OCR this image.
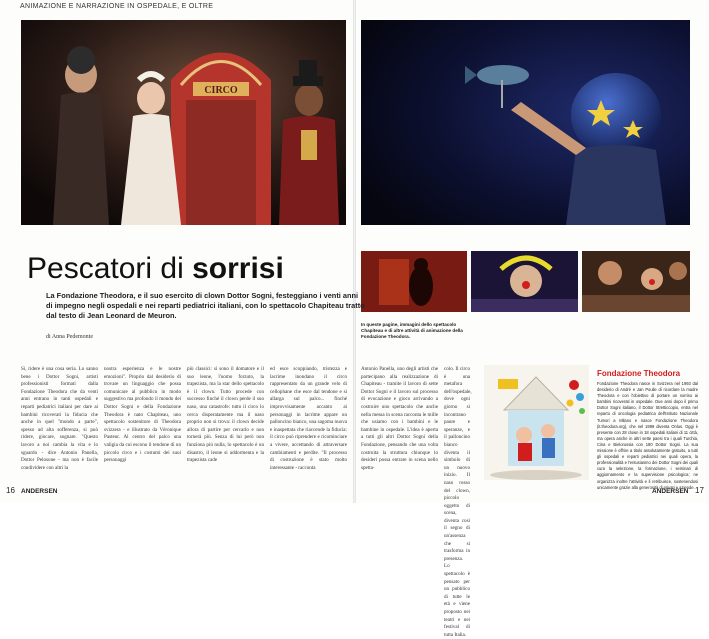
ANIMAZIONE E NARRAZIONE IN OSPEDALE, E OLTRE
CIRCO
Pescatori di sorrisi
La Fondazione Theodora, e il suo esercito di clown Dottor Sogni, festeggiano i venti anni di impegno negli ospedali e nei reparti pediatrici italiani, con lo spettacolo Chapiteau tratto dal testo di Jean Leonard de Meuron.
di Anna Pedemonte
In queste pagine, immagini dello spettacolo Chapiteau e di altre attività di animazione della Fondazione Theodora.
Si, ridere è una cosa seria. Lo sanno bene i Dottor Sogni, artisti professionisti formati dalla Fondazione Theodora che da venti anni entrano in tanti ospedali e reparti pediatrici italiani per dare ai bambini ricoverati la fiducia che anche in quel "mondo a parte", spesso ad alta sofferenza, si può ridere, giocare, sognare. "Questo lavoro a noi cambia la vita e lo sguardo - dice Antonio Panella, Dottor Pelosone - ma non è facile condividere con altri la
nostra esperienza e le nostre emozioni". Proprio dal desiderio di trovare un linguaggio che possa comunicare al pubblico in modo suggestivo ma profondo il mondo dei Dottor Sogni e della Fondazione Theodora è nato Chapiteau, uno spettacolo sostenitore di Theodora svizzera - e illustrato da Véronique Pasteur. Al centro del palco una valigia da cui escono il tendone di un piccolo circo e i costumi dei suoi personaggi
più classici: sì sono il domatore e il suo leone, l'uomo forzuto, la trapezista, ma la star dello spettacolo è il clown. Tutto procede con successo finché il clown perde il suo naso, una catastrofe: tutto il circo lo cerca disperatamente ma il naso proprio non si trova: il clown decide allora di partire per cercarlo e non tornerà più. Senza di lui però non funziona più nulla, lo spettacolo è un disastro, il leone si addormenta e la trapezista cade
ed esce scoppiando, tristezza e lacrime inondano il circo rappresentato da un grande velo di cellophane che esce dal tendone e si allarga sul palco... finché improvvisamente accanto ai personaggi in lacrime appare un palloncino bianco, una sagoma nuova e inaspettata che riaccende la fiducia: il circo può riprendere e ricominciare a vivere, accettando di attraversare cambiamenti e perdite. "Il processo di costruzione è stato molto interessante - racconta
Antonio Panella, uno degli artisti che partecipano alla realizzazione di Chapiteau - tramite il lavoro di sette Dottor Sogni e il lavoro sul processo di evocazione e gioco arrivando a costruire uno spettacolo che anche nella messa in scena racconta le mille che usiamo con i bambini e le bambine in ospedale. L'idea è aperta a tutti gli altri Dottor Sogni della Fondazione, pensando che una volta costruita la struttura chiunque lo desideri possa entrare in scena nello spetta-
colo. Il circo è una metafora dell'ospedale, dove ogni giorno si incontrano paure e speranze, e il palloncino bianco diventa il simbolo di un nuovo inizio. Il naso rosso del clown, piccolo oggetto di scena, diventa così il segno di un'assenza che si trasforma in presenza. Lo spettacolo è pensato per un pubblico di tutte le età e viene proposto nei teatri e nei festival di tutta Italia.
Fondazione Theodora
Fondazione Theodora nasce in Svizzera nel 1993 dal desiderio di André e Jan Poulie di ricordare la madre Theodora e con l'obiettivo di portare un sorriso ai bambini ricoverati in ospedale. Due anni dopo il primo Dottor Sogni italiano, il Dottor Stretticcopio, entra nel reparto di oncologia pediatrica dell'Istituto Nazionale Tumori a Milano e nasce Fondazione Theodora (it.theodora.org), che nel 1999 diventa Onlus. Oggi è presente con 28 clown in 18 ospedali italiani di 11 città, ma opera anche in altri sette paesi tra i quali Turchia, Cina e Bielorussia con 190 Dottor Sogni. La sua missione è offrire a titolo assolutamente gratuito, a tutti gli ospedali e reparti pediatrici nei quali opera, la professionalità e l'entusiasmo dei Dottor Sogni dei quali cura la selezione, la formazione, i seminari di aggiornamento e la supervisione psicologica; ne organizza inoltre l'attività e li retribuisce, sostenendosi unicamente grazie alla generosità di privati e aziende.
16 ANDERSEN	ANDERSEN 17
